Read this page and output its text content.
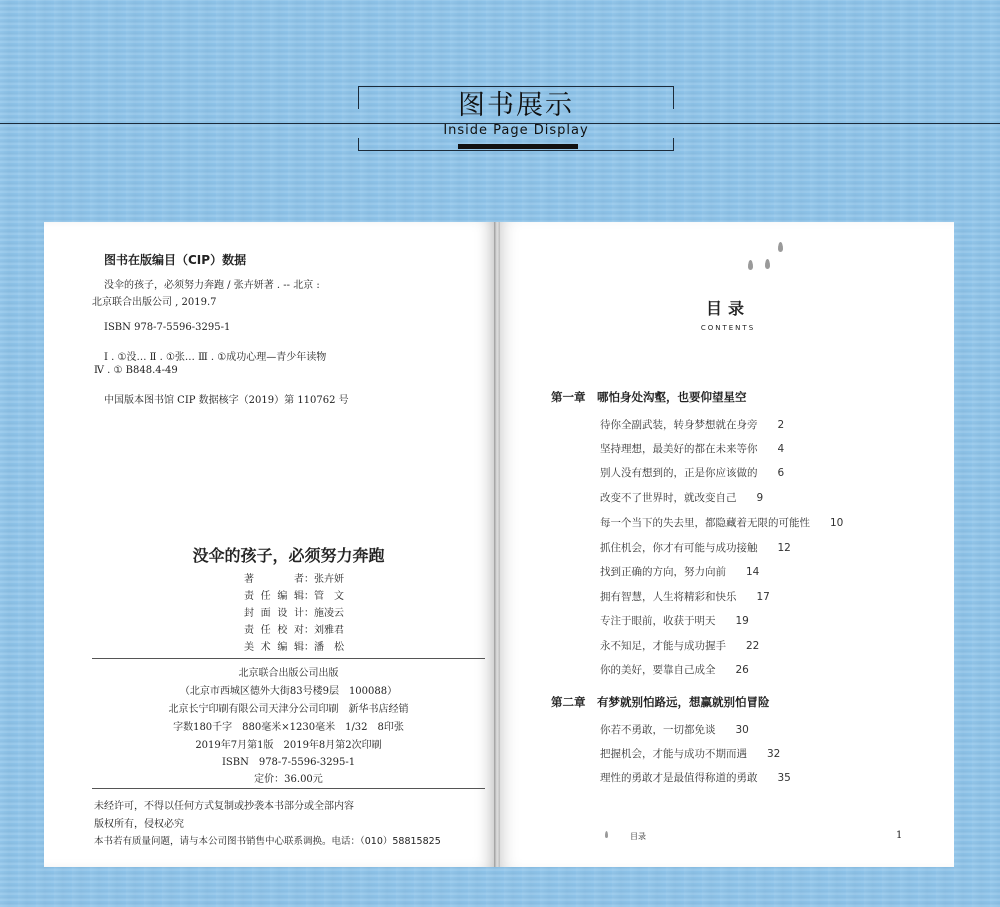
图书展示
Inside Page Display
图书在版编目（CIP）数据
没伞的孩子，必须努力奔跑 / 张卉妍著 . -- 北京 :
北京联合出版公司 , 2019.7
ISBN 978-7-5596-3295-1
Ⅰ . ①没… Ⅱ . ①张… Ⅲ . ①成功心理—青少年读物
Ⅳ . ① B848.4-49
中国版本图书馆 CIP 数据核字（2019）第 110762 号
没伞的孩子，必须努力奔跑
著者：张卉妍
责任编辑：管　文
封面设计：施凌云
责任校对：刘雅君
美术编辑：潘　松
北京联合出版公司出版
（北京市西城区德外大街83号楼9层　100088）
北京长宁印刷有限公司天津分公司印刷　新华书店经销
字数180千字　880毫米×1230毫米　1/32　8印张
2019年7月第1版　2019年8月第2次印刷
ISBN　978-7-5596-3295-1
定价：36.00元
未经许可，不得以任何方式复制或抄袭本书部分或全部内容
版权所有，侵权必究
本书若有质量问题，请与本公司图书销售中心联系调换。电话：（010）58815825
目录
CONTENTS
第一章　哪怕身处沟壑，也要仰望星空
待你全副武装，转身梦想就在身旁 2
坚持理想，最美好的都在未来等你 4
别人没有想到的，正是你应该做的 6
改变不了世界时，就改变自己 9
每一个当下的失去里，都隐藏着无限的可能性 10
抓住机会，你才有可能与成功接触 12
找到正确的方向，努力向前 14
拥有智慧，人生将精彩和快乐 17
专注于眼前，收获于明天 19
永不知足，才能与成功握手 22
你的美好，要靠自己成全 26
第二章　有梦就别怕路远，想赢就别怕冒险
你若不勇敢，一切都免谈 30
把握机会，才能与成功不期而遇 32
理性的勇敢才是最值得称道的勇敢 35
目录	1
